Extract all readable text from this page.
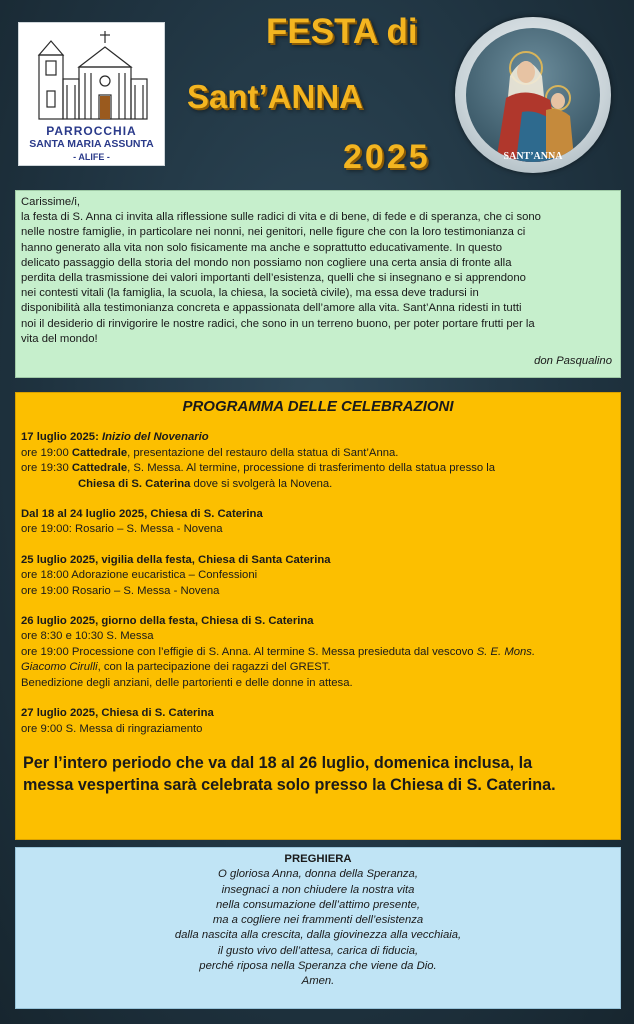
PARROCCHIA
SANTA MARIA ASSUNTA
- ALIFE -
FESTA di
Sant’ANNA
2025	SANT’ANNA
Carissime/i,
la festa di S. Anna ci invita alla riflessione sulle radici di vita e di bene, di fede e di speranza, che ci sono
nelle nostre famiglie, in particolare nei nonni, nei genitori, nelle figure che con la loro testimonianza ci
hanno generato alla vita non solo fisicamente ma anche e soprattutto educativamente. In questo
delicato passaggio della storia del mondo non possiamo non cogliere una certa ansia di fronte alla
perdita della trasmissione dei valori importanti dell’esistenza, quelli che si insegnano e si apprendono
nei contesti vitali (la famiglia, la scuola, la chiesa, la società civile), ma essa deve tradursi in
disponibilità alla testimonianza concreta e appassionata dell’amore alla vita. Sant’Anna ridesti in tutti
noi il desiderio di rinvigorire le nostre radici, che sono in un terreno buono, per poter portare frutti per la
vita del mondo!
don Pasqualino
PROGRAMMA DELLE CELEBRAZIONI
17 luglio 2025: Inizio del Novenario
ore 19:00 Cattedrale, presentazione del restauro della statua di Sant’Anna.
ore 19:30 Cattedrale, S. Messa. Al termine, processione di trasferimento della statua presso la
Chiesa di S. Caterina dove si svolgerà la Novena.
Dal 18 al 24 luglio 2025, Chiesa di S. Caterina
ore 19:00: Rosario – S. Messa - Novena
25 luglio 2025, vigilia della festa, Chiesa di Santa Caterina
ore 18:00 Adorazione eucaristica – Confessioni
ore 19:00 Rosario – S. Messa - Novena
26 luglio 2025, giorno della festa, Chiesa di S. Caterina
ore 8:30 e 10:30 S. Messa
ore 19:00 Processione con l’effigie di S. Anna. Al termine S. Messa presieduta dal vescovo S. E. Mons.
Giacomo Cirulli, con la partecipazione dei ragazzi del GREST.
Benedizione degli anziani, delle partorienti e delle donne in attesa.
27 luglio 2025, Chiesa di S. Caterina
ore 9:00 S. Messa di ringraziamento
Per l’intero periodo che va dal 18 al 26 luglio, domenica inclusa, la
messa vespertina sarà celebrata solo presso la Chiesa di S. Caterina.
PREGHIERA
O gloriosa Anna, donna della Speranza,
insegnaci a non chiudere la nostra vita
nella consumazione dell’attimo presente,
ma a cogliere nei frammenti dell’esistenza
dalla nascita alla crescita, dalla giovinezza alla vecchiaia,
il gusto vivo dell’attesa, carica di fiducia,
perché riposa nella Speranza che viene da Dio.
Amen.
